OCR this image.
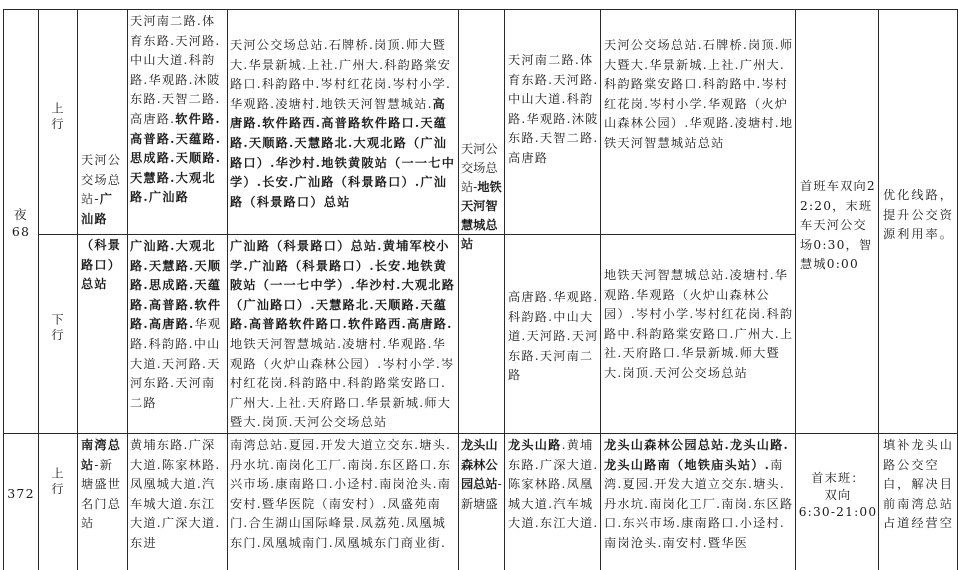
夜
68
上行
下行
天河公交场总站-广汕路
（科景路口）总站
天河南二路.体育东路.天河路.中山大道.科韵路.华观路.沐陂东路.天智二路.高唐路.软件路.高普路.天蕴路.思成路.天顺路.天慧路.大观北路.广汕路
广汕路.大观北路.天慧路.天顺路.思成路.天蕴路.高普路.软件路.高唐路.华观路.科韵路.中山大道.天河路.天河东路.天河南二路
天河公交场总站.石牌桥.岗顶.师大暨大.华景新城.上社.广州大.科韵路棠安路口.科韵路中.岑村红花岗.岑村小学.华观路.凌塘村.地铁天河智慧城站.高唐路.软件路西.高普路软件路口.天蕴路.天顺路.天慧路北.大观北路（广汕路口）.华沙村.地铁黄陂站（一一七中学）.长安.广汕路（科景路口）.广汕路（科景路口）总站
广汕路（科景路口）总站.黄埔军校小学.广汕路（科景路口）.长安.地铁黄陂站（一一七中学）.华沙村.大观北路（广汕路口）.天慧路北.天顺路.天蕴路.高普路软件路口.软件路西.高唐路.地铁天河智慧城站.凌塘村.华观路.华观路（火炉山森林公园）.岑村小学.岑村红花岗.科韵路中.科韵路棠安路口.广州大.上社.天府路口.华景新城.师大暨大.岗顶.天河公交场总站
天河公交场总站-地铁天河智慧城总站
天河南二路.体育东路.天河路.中山大道.科韵路.华观路.沐陂东路.天智二路.高唐路
高唐路.华观路.科韵路.中山大道.天河路.天河东路.天河南二路
天河公交场总站.石牌桥.岗顶.师大暨大.华景新城.上社.广州大.科韵路棠安路口.科韵路中.岑村红花岗.岑村小学.华观路（火炉山森林公园）.华观路.凌塘村.地铁天河智慧城站总站
地铁天河智慧城总站.凌塘村.华观路.华观路（火炉山森林公园）.岑村小学.岑村红花岗.科韵路中.科韵路棠安路口.广州大.上社.天府路口.华景新城.师大暨大.岗顶.天河公交场总站
首班车双向22:20，末班车天河公交场0:30，智慧城0:00
优化线路，提升公交资源利用率。
372 上行
南湾总站-新塘盛世名门总站
黄埔东路.广深大道.陈家林路.凤凰城大道.汽车城大道.东江大道.广深大道.东进
南湾总站.夏园.开发大道立交东.塘头.丹水坑.南岗化工厂.南岗.东区路口.东兴市场.康南路口.小迳村.南岗沧头.南安村.暨华医院（南安村）.凤盛苑南门.合生湖山国际峰景.凤荔苑.凤凰城东门.凤凰城南门.凤凰城东门商业街.
龙头山森林公园总站-新塘盛
龙头山路.黄埔东路.广深大道.陈家林路.凤凰城大道.汽车城大道.东江大道.
龙头山森林公园总站.龙头山路.龙头山路南（地铁庙头站）.南湾.夏园.开发大道立交东.塘头.丹水坑.南岗化工厂.南岗.东区路口.东兴市场.康南路口.小迳村.南岗沧头.南安村.暨华医
首末班：
双向
6:30-21:00
填补龙头山路公交空白，解决目前南湾总站占道经营空
